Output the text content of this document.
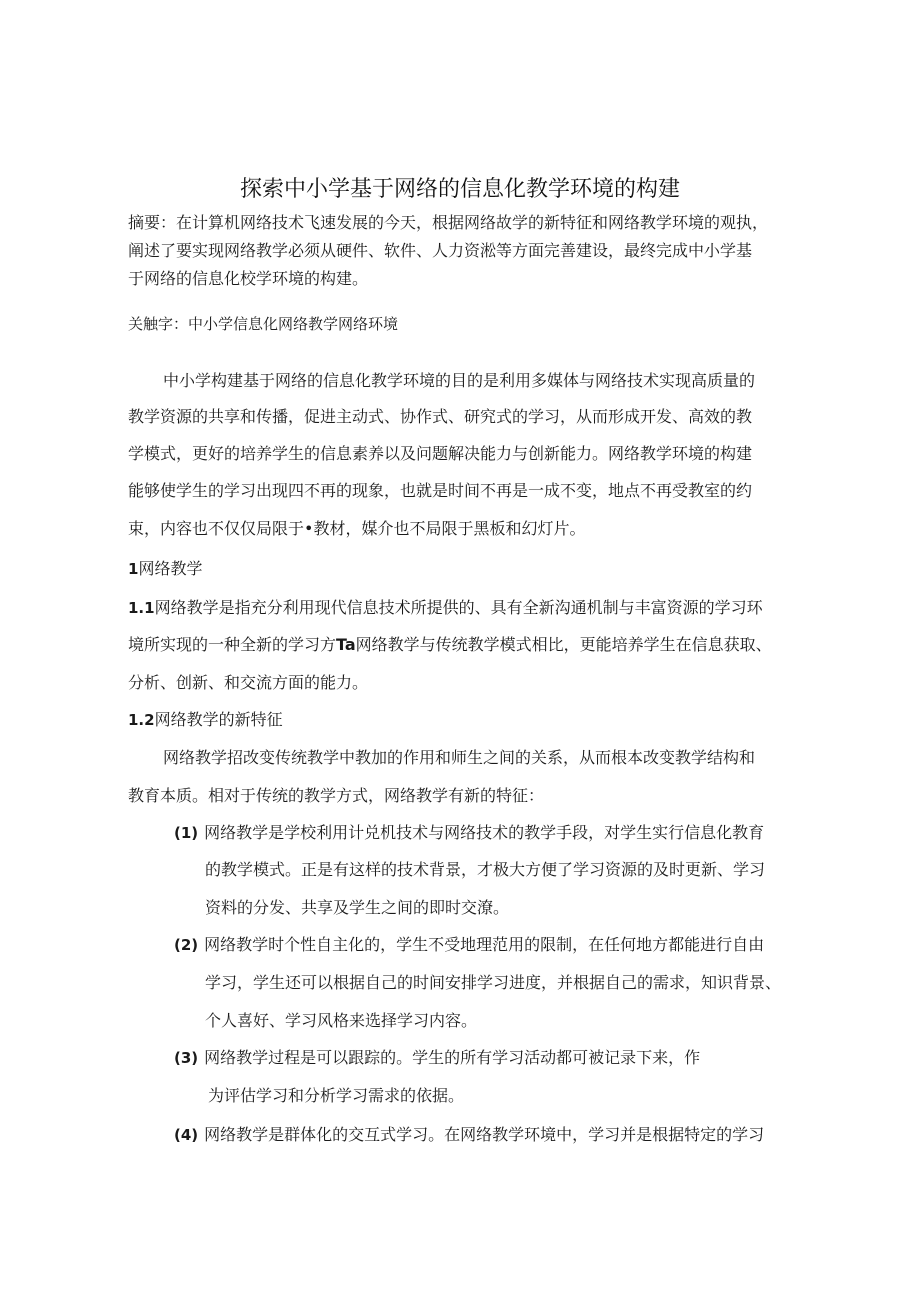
探索中小学基于网络的信息化教学环境的构建
摘要：在计算机网络技术飞速发展的今天，根据网络故学的新特征和网络教学环境的观执，
阐述了要实现网络教学必须从硬件、软件、人力资淞等方面完善建设，最终完成中小学基
于网络的信息化校学环境的构建。
关触字：中小学信息化网络教学网络环境
中小学构建基于网络的信息化教学环境的目的是利用多媒体与网络技术实现高质量的
教学资源的共享和传播，促进主动式、协作式、研究式的学习，从而形成开发、高效的教
学模式，更好的培养学生的信息素养以及问题解决能力与创新能力。网络教学环境的构建
能够使学生的学习出现四不再的现象，也就是时间不再是一成不变，地点不再受教室的约
束，内容也不仅仅局限于•教材，媒介也不局限于黑板和幻灯片。
1网络教学
1.1网络教学是指充分利用现代信息技术所提供的、具有全新沟通机制与丰富资源的学习环
境所实现的一种全新的学习方Ta网络教学与传统教学模式相比，更能培养学生在信息获取、
分析、创新、和交流方面的能力。
1.2网络教学的新特征
网络教学招改变传统教学中教加的作用和师生之间的关系，从而根本改变教学结构和
教育本质。相对于传统的教学方式，网络教学有新的特征：
(1) 网络教学是学校利用计兑机技术与网络技术的教学手段，对学生实行信息化教育
的教学模式。正是有这样的技术背景，才极大方便了学习资源的及时更新、学习
资料的分发、共享及学生之间的即时交潦。
(2) 网络教学时个性自主化的，学生不受地理范用的限制，在任何地方都能进行自由
学习，学生还可以根据自己的时间安排学习进度，并根据自己的需求，知识背景、
个人喜好、学习风格来选择学习内容。
(3) 网络教学过程是可以跟踪的。学生的所有学习活动都可被记录下来，作
为评估学习和分析学习需求的依据。
(4) 网络教学是群体化的交互式学习。在网络教学环境中，学习并是根据特定的学习
